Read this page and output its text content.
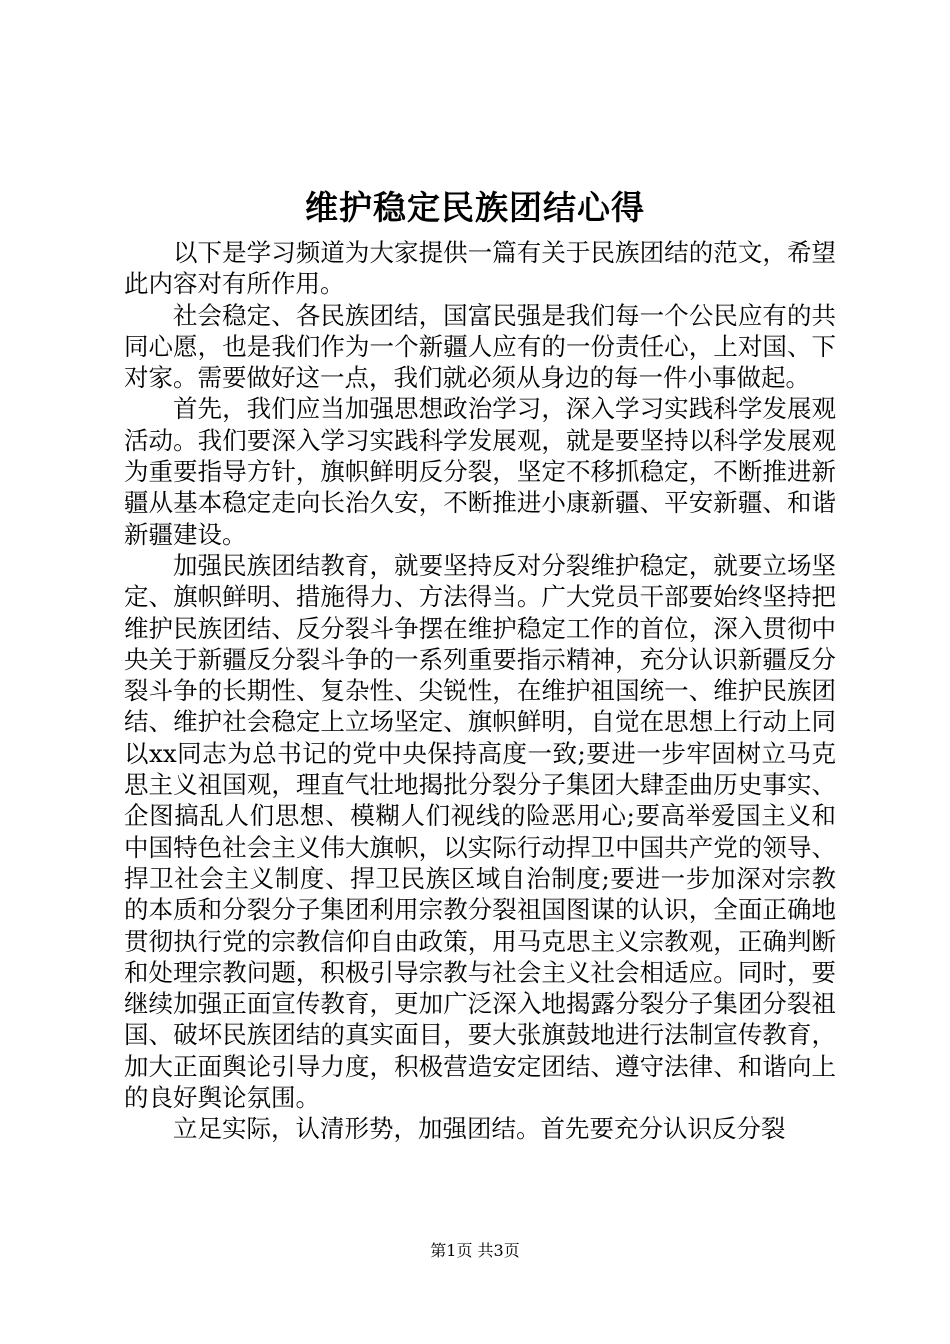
维护稳定民族团结心得

以下是学习频道为大家提供一篇有关于民族团结的范文，希望此内容对有所作用。

社会稳定、各民族团结，国富民强是我们每一个公民应有的共同心愿，也是我们作为一个新疆人应有的一份责任心，上对国、下对家。需要做好这一点，我们就必须从身边的每一件小事做起。

首先，我们应当加强思想政治学习，深入学习实践科学发展观活动。我们要深入学习实践科学发展观，就是要坚持以科学发展观为重要指导方针，旗帜鲜明反分裂，坚定不移抓稳定，不断推进新疆从基本稳定走向长治久安，不断推进小康新疆、平安新疆、和谐新疆建设。

加强民族团结教育，就要坚持反对分裂维护稳定，就要立场坚定、旗帜鲜明、措施得力、方法得当。广大党员干部要始终坚持把维护民族团结、反分裂斗争摆在维护稳定工作的首位，深入贯彻中央关于新疆反分裂斗争的一系列重要指示精神，充分认识新疆反分裂斗争的长期性、复杂性、尖锐性，在维护祖国统一、维护民族团结、维护社会稳定上立场坚定、旗帜鲜明，自觉在思想上行动上同以xx同志为总书记的党中央保持高度一致;要进一步牢固树立马克思主义祖国观，理直气壮地揭批分裂分子集团大肆歪曲历史事实、企图搞乱人们思想、模糊人们视线的险恶用心;要高举爱国主义和中国特色社会主义伟大旗帜，以实际行动捍卫中国共产党的领导、捍卫社会主义制度、捍卫民族区域自治制度;要进一步加深对宗教的本质和分裂分子集团利用宗教分裂祖国图谋的认识，全面正确地贯彻执行党的宗教信仰自由政策，用马克思主义宗教观，正确判断和处理宗教问题，积极引导宗教与社会主义社会相适应。同时，要继续加强正面宣传教育，更加广泛深入地揭露分裂分子集团分裂祖国、破坏民族团结的真实面目，要大张旗鼓地进行法制宣传教育，加大正面舆论引导力度，积极营造安定团结、遵守法律、和谐向上的良好舆论氛围。

立足实际，认清形势，加强团结。首先要充分认识反分裂

第1页 共3页
